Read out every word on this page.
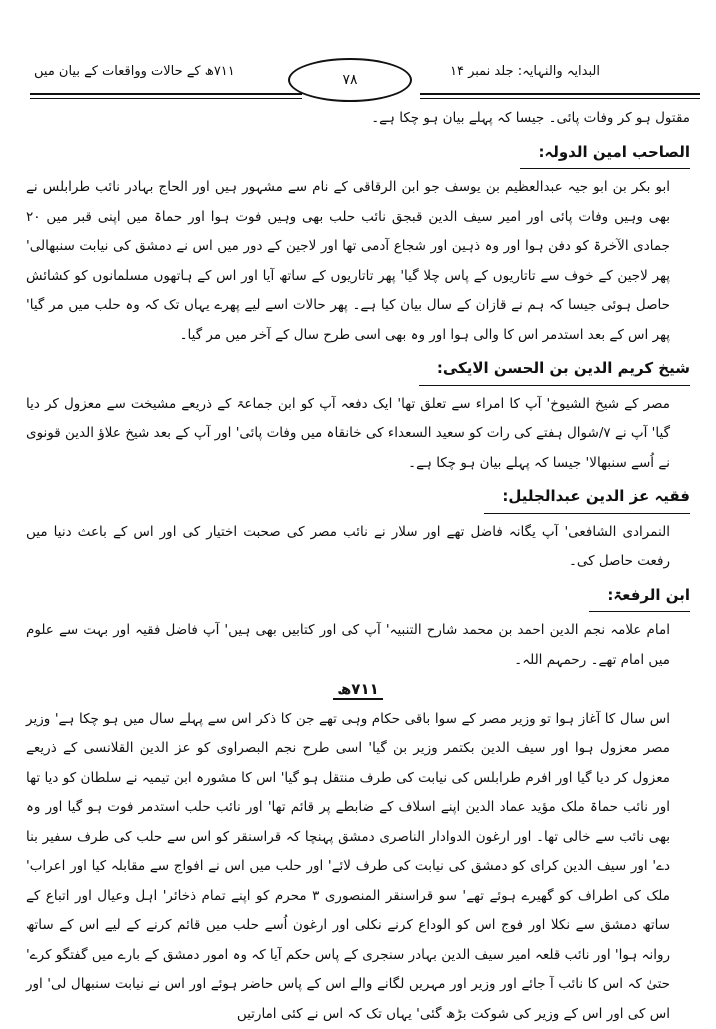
۷۱۱ھ کے حالات وواقعات کے بیان میں
۷۸
البدایہ والنہایہ: جلد نمبر ۱۴

مقتول ہو کر وفات پائی۔ جیسا کہ پہلے بیان ہو چکا ہے۔

الصاحب امین الدولہ:

ابو بکر بن ابو جیہ عبدالعظیم بن یوسف جو ابن الرقاقی کے نام سے مشہور ہیں اور الحاج بہادر نائب طرابلس نے بھی وہیں وفات پائی اور امیر سیف الدین قبجق نائب حلب بھی وہیں فوت ہوا اور حماۃ میں اپنی قبر میں ۲۰ جمادی الآخرۃ کو دفن ہوا اور وہ ذہین اور شجاع آدمی تھا اور لاجین کے دور میں اس نے دمشق کی نیابت سنبھالی' پھر لاجین کے خوف سے تاتاریوں کے پاس چلا گیا' پھر تاتاریوں کے ساتھ آیا اور اس کے ہاتھوں مسلمانوں کو کشائش حاصل ہوئی جیسا کہ ہم نے قازان کے سال بیان کیا ہے۔ پھر حالات اسے لیے پھرے یہاں تک کہ وہ حلب میں مر گیا' پھر اس کے بعد استدمر اس کا والی ہوا اور وہ بھی اسی طرح سال کے آخر میں مر گیا۔

شیخ کریم الدین بن الحسن الایکی:

مصر کے شیخ الشیوخ' آپ کا امراء سے تعلق تھا' ایک دفعہ آپ کو ابن جماعۃ کے ذریعے مشیخت سے معزول کر دیا گیا' آپ نے ۷/شوال ہفتے کی رات کو سعید السعداء کی خانقاہ میں وفات پائی' اور آپ کے بعد شیخ علاؤ الدین قونوی نے اُسے سنبھالا' جیسا کہ پہلے بیان ہو چکا ہے۔

فقیہ عز الدین عبدالجلیل:

النمرادی الشافعی' آپ یگانہ فاضل تھے اور سلار نے نائب مصر کی صحبت اختیار کی اور اس کے باعث دنیا میں رفعت حاصل کی۔

ابن الرفعۃ:

امام علامہ نجم الدین احمد بن محمد شارح التنبیہ' آپ کی اور کتابیں بھی ہیں' آپ فاضل فقیہ اور بہت سے علوم میں امام تھے۔ رحمہم اللہ۔

۷۱۱ھ

اس سال کا آغاز ہوا تو وزیر مصر کے سوا باقی حکام وہی تھے جن کا ذکر اس سے پہلے سال میں ہو چکا ہے' وزیر مصر معزول ہوا اور سیف الدین بکتمر وزیر بن گیا' اسی طرح نجم البصراوی کو عز الدین القلانسی کے ذریعے معزول کر دیا گیا اور افرم طرابلس کی نیابت کی طرف منتقل ہو گیا' اس کا مشورہ ابن تیمیہ نے سلطان کو دیا تھا اور نائب حماۃ ملک مؤید عماد الدین اپنے اسلاف کے ضابطے پر قائم تھا' اور نائب حلب استدمر فوت ہو گیا اور وہ بھی نائب سے خالی تھا۔ اور ارغون الدوادار الناصری دمشق پہنچا کہ قراسنقر کو اس سے حلب کی طرف سفیر بنا دے' اور سیف الدین کرای کو دمشق کی نیابت کی طرف لائے' اور حلب میں اس نے افواج سے مقابلہ کیا اور اعراب' ملک کی اطراف کو گھیرے ہوئے تھے' سو قراسنقر المنصوری ۳ محرم کو اپنے تمام ذخائر' اہل وعیال اور اتباع کے ساتھ دمشق سے نکلا اور فوج اس کو الوداع کرنے نکلی اور ارغون اُسے حلب میں قائم کرنے کے لیے اس کے ساتھ روانہ ہوا' اور نائب قلعہ امیر سیف الدین بہادر سنجری کے پاس حکم آیا کہ وہ امور دمشق کے بارے میں گفتگو کرے' حتیٰ کہ اس کا نائب آ جائے اور وزیر اور مہریں لگانے والے اس کے پاس حاضر ہوئے اور اس نے نیابت سنبھال لی' اور اس کی اور اس کے وزیر کی شوکت بڑھ گئی' یہاں تک کہ اس نے کئی امارتیں
